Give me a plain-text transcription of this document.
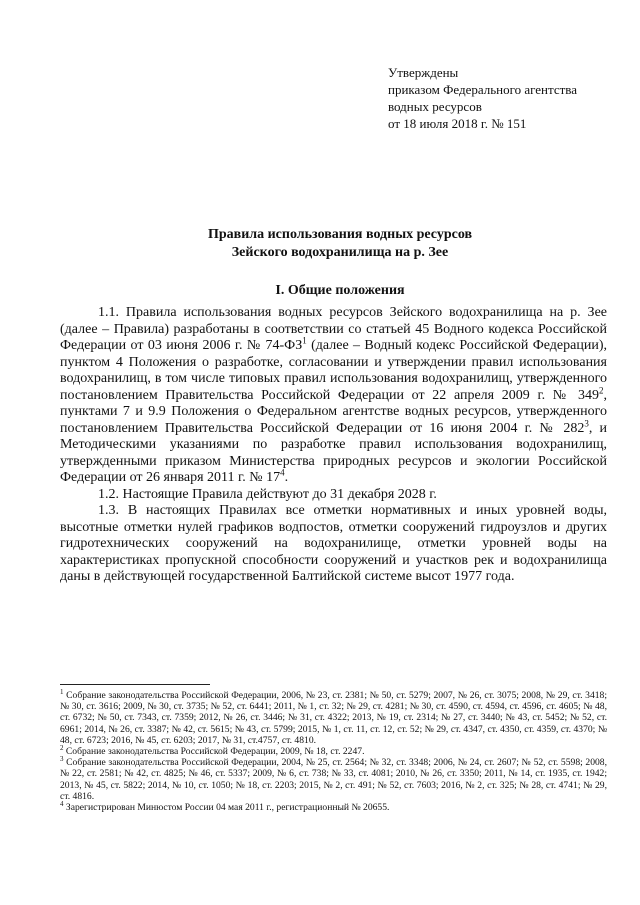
Утверждены
приказом Федерального агентства
водных ресурсов
от 18 июля 2018 г. № 151
Правила использования водных ресурсов
Зейского водохранилища на р. Зее
I. Общие положения

1.1. Правила использования водных ресурсов Зейского водохранилища на р. Зее (далее – Правила) разработаны в соответствии со статьей 45 Водного кодекса Российской Федерации от 03 июня 2006 г. № $74-ФЗ^1$ (далее – Водный кодекс Российской Федерации), пунктом 4 Положения о разработке, согласовании и утверждении правил использования водохранилищ, в том числе типовых правил использования водохранилищ, утвержденного постановлением Правительства Российской Федерации от 22 апреля 2009 г. № $349^2$, пунктами 7 и 9.9 Положения о Федеральном агентстве водных ресурсов, утвержденного постановлением Правительства Российской Федерации от 16 июня 2004 г. № $282^3$, и Методическими указаниями по разработке правил использования водохранилищ, утвержденными приказом Министерства природных ресурсов и экологии Российской Федерации от 26 января 2011 г. № $17^4$.

1.2. Настоящие Правила действуют до 31 декабря 2028 г.

1.3. В настоящих Правилах все отметки нормативных и иных уровней воды, высотные отметки нулей графиков водпостов, отметки сооружений гидроузлов и других гидротехнических сооружений на водохранилище, отметки уровней воды на характеристиках пропускной способности сооружений и участков рек и водохранилища даны в действующей государственной Балтийской системе высот 1977 года.

$^1$ Собрание законодательства Российской Федерации, 2006, № 23, ст. 2381; № 50, ст. 5279; 2007, № 26, ст. 3075; 2008, № 29, ст. 3418; № 30, ст. 3616; 2009, № 30, ст. 3735; № 52, ст. 6441; 2011, № 1, ст. 32; № 29, ст. 4281; № 30, ст. 4590, ст. 4594, ст. 4596, ст. 4605; № 48, ст. 6732; № 50, ст. 7343, ст. 7359; 2012, № 26, ст. 3446; № 31, ст. 4322; 2013, № 19, ст. 2314; № 27, ст. 3440; № 43, ст. 5452; № 52, ст. 6961; 2014, № 26, ст. 3387; № 42, ст. 5615; № 43, ст. 5799; 2015, № 1, ст. 11, ст. 12, ст. 52; № 29, ст. 4347, ст. 4350, ст. 4359, ст. 4370; № 48, ст. 6723; 2016, № 45, ст. 6203; 2017, № 31, ст.4757, ст. 4810.

$^2$ Собрание законодательства Российской Федерации, 2009, № 18, ст. 2247.

$^3$ Собрание законодательства Российской Федерации, 2004, № 25, ст. 2564; № 32, ст. 3348; 2006, № 24, ст. 2607; № 52, ст. 5598; 2008, № 22, ст. 2581; № 42, ст. 4825; № 46, ст. 5337; 2009, № 6, ст. 738; № 33, ст. 4081; 2010, № 26, ст. 3350; 2011, № 14, ст. 1935, ст. 1942; 2013, № 45, ст. 5822; 2014, № 10, ст. 1050; № 18, ст. 2203; 2015, № 2, ст. 491; № 52, ст. 7603; 2016, № 2, ст. 325; № 28, ст. 4741; № 29, ст. 4816.

$^4$ Зарегистрирован Минюстом России 04 мая 2011 г., регистрационный № 20655.
